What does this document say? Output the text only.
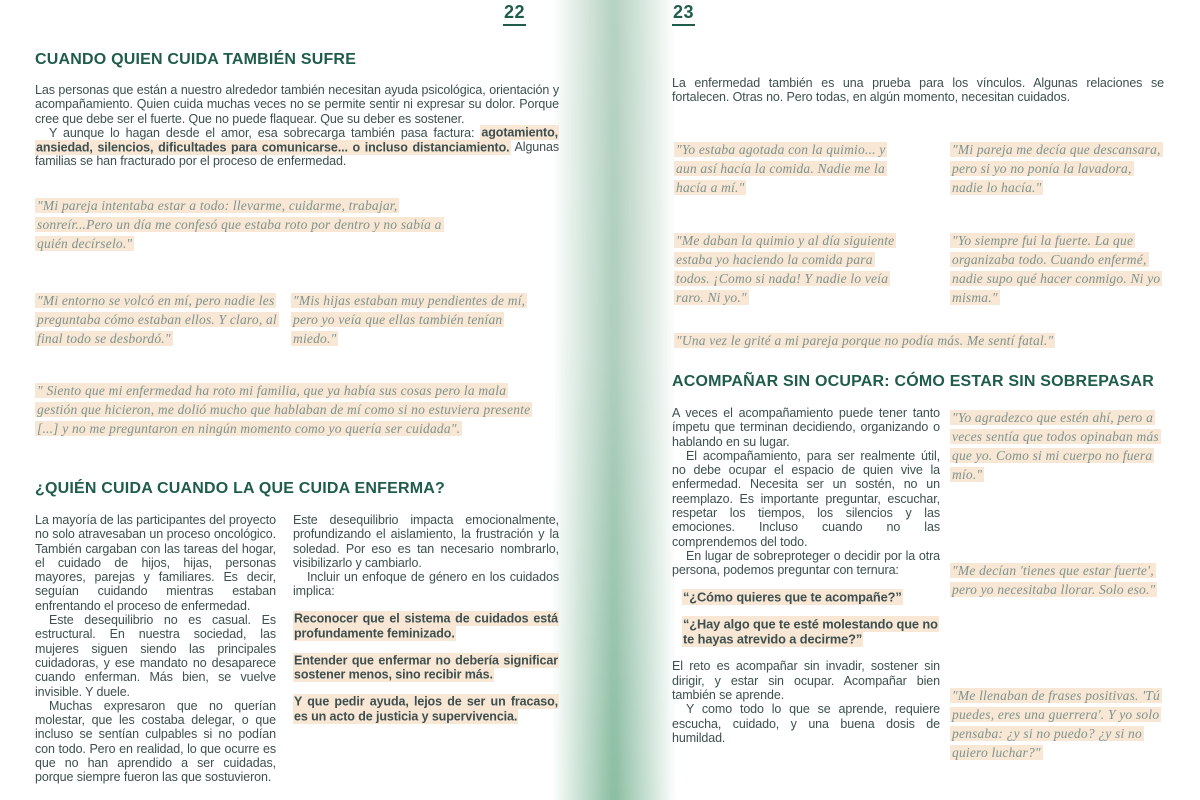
22
CUANDO QUIEN CUIDA TAMBIÉN SUFRE

Las personas que están a nuestro alrededor también necesitan ayuda psicológica, orientación y acompañamiento. Quien cuida muchas veces no se permite sentir ni expresar su dolor. Porque cree que debe ser el fuerte. Que no puede flaquear. Que su deber es sostener.

Y aunque lo hagan desde el amor, esa sobrecarga también pasa factura: agotamiento, ansiedad, silencios, dificultades para comunicarse... o incluso distanciamiento. Algunas familias se han fracturado por el proceso de enfermedad.

"Mi pareja intentaba estar a todo: llevarme, cuidarme, trabajar, sonreír...Pero un día me confesó que estaba roto por dentro y no sabía a quién decírselo."
"Mi entorno se volcó en mí, pero nadie les preguntaba cómo estaban ellos. Y claro, al final todo se desbordó."
"Mis hijas estaban muy pendientes de mí, pero yo veía que ellas también tenían miedo."
" Siento que mi enfermedad ha roto mi familia, que ya había sus cosas pero la mala gestión que hicieron, me dolió mucho que hablaban de mí como si no estuviera presente [...] y no me preguntaron en ningún momento como yo quería ser cuidada".
¿QUIÉN CUIDA CUANDO LA QUE CUIDA ENFERMA?

La mayoría de las participantes del proyecto no solo atravesaban un proceso oncológico. También cargaban con las tareas del hogar, el cuidado de hijos, hijas, personas mayores, parejas y familiares. Es decir, seguían cuidando mientras estaban enfrentando el proceso de enfermedad.

Este desequilibrio no es casual. Es estructural. En nuestra sociedad, las mujeres siguen siendo las principales cuidadoras, y ese mandato no desaparece cuando enferman. Más bien, se vuelve invisible. Y duele.

Muchas expresaron que no querían molestar, que les costaba delegar, o que incluso se sentían culpables si no podían con todo. Pero en realidad, lo que ocurre es que no han aprendido a ser cuidadas, porque siempre fueron las que sostuvieron.

Este desequilibrio impacta emocionalmente, profundizando el aislamiento, la frustración y la soledad. Por eso es tan necesario nombrarlo, visibilizarlo y cambiarlo.

Incluir un enfoque de género en los cuidados implica:

Reconocer que el sistema de cuidados está profundamente feminizado.

Entender que enfermar no debería significar sostener menos, sino recibir más.

Y que pedir ayuda, lejos de ser un fracaso, es un acto de justicia y supervivencia.

23

La enfermedad también es una prueba para los vínculos. Algunas relaciones se fortalecen. Otras no. Pero todas, en algún momento, necesitan cuidados.

"Yo estaba agotada con la quimio... y aun así hacía la comida. Nadie me la hacía a mí."
"Mi pareja me decía que descansara, pero si yo no ponía la lavadora, nadie lo hacía."
"Me daban la quimio y al día siguiente estaba yo haciendo la comida para todos. ¡Como si nada! Y nadie lo veía raro. Ni yo."
"Yo siempre fui la fuerte. La que organizaba todo. Cuando enfermé, nadie supo qué hacer conmigo. Ni yo misma."
"Una vez le grité a mi pareja porque no podía más. Me sentí fatal."
ACOMPAÑAR SIN OCUPAR: CÓMO ESTAR SIN SOBREPASAR

A veces el acompañamiento puede tener tanto ímpetu que terminan decidiendo, organizando o hablando en su lugar.

El acompañamiento, para ser realmente útil, no debe ocupar el espacio de quien vive la enfermedad. Necesita ser un sostén, no un reemplazo. Es importante preguntar, escuchar, respetar los tiempos, los silencios y las emociones. Incluso cuando no las comprendemos del todo.

En lugar de sobreproteger o decidir por la otra persona, podemos preguntar con ternura:

“¿Cómo quieres que te acompañe?”

“¿Hay algo que te esté molestando que no te hayas atrevido a decirme?”

El reto es acompañar sin invadir, sostener sin dirigir, y estar sin ocupar. Acompañar bien también se aprende.

Y como todo lo que se aprende, requiere escucha, cuidado, y una buena dosis de humildad.

"Yo agradezco que estén ahí, pero a veces sentía que todos opinaban más que yo. Como si mi cuerpo no fuera mío."
"Me decían 'tienes que estar fuerte', pero yo necesitaba llorar. Solo eso."
"Me llenaban de frases positivas. 'Tú puedes, eres una guerrera'. Y yo solo pensaba: ¿y si no puedo? ¿y si no quiero luchar?"
